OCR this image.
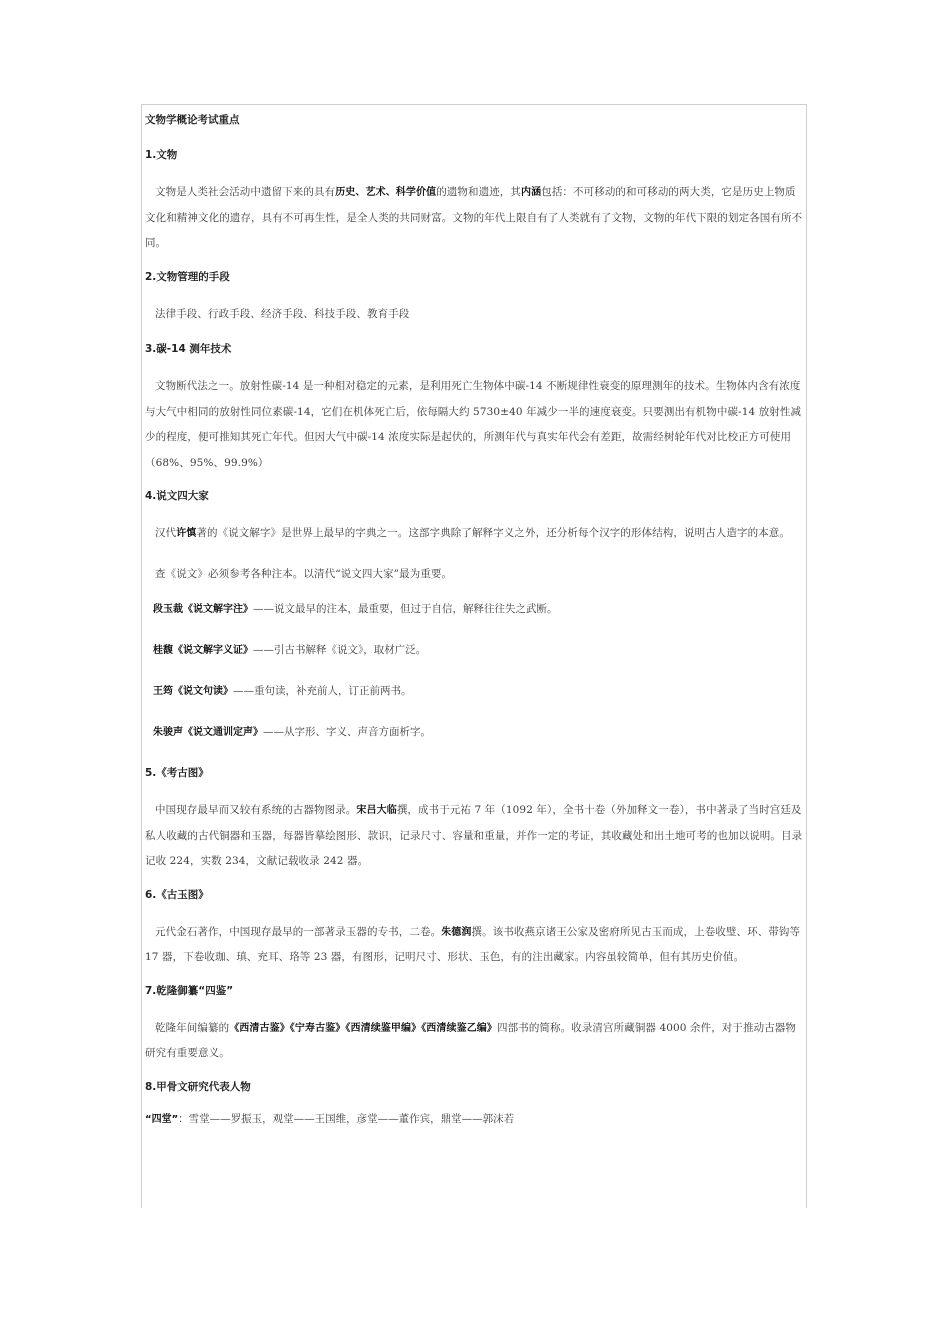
文物学概论考试重点
1.文物

文物是人类社会活动中遗留下来的具有历史、艺术、科学价值的遗物和遗迹，其内涵包括：不可移动的和可移动的两大类，它是历史上物质文化和精神文化的遗存，具有不可再生性，是全人类的共同财富。文物的年代上限自有了人类就有了文物，文物的年代下限的划定各国有所不同。

2.文物管理的手段

法律手段、行政手段、经济手段、科技手段、教育手段

3.碳-14 测年技术

文物断代法之一。放射性碳-14 是一种相对稳定的元素，是利用死亡生物体中碳-14 不断规律性衰变的原理测年的技术。生物体内含有浓度与大气中相同的放射性同位素碳-14，它们在机体死亡后，依每隔大约 5730±40 年减少一半的速度衰变。只要测出有机物中碳-14 放射性减少的程度，便可推知其死亡年代。但因大气中碳-14 浓度实际是起伏的，所测年代与真实年代会有差距，故需经树轮年代对比校正方可使用（68%、95%、99.9%）

4.说文四大家

汉代许慎著的《说文解字》是世界上最早的字典之一。这部字典除了解释字义之外，还分析每个汉字的形体结构，说明古人造字的本意。

查《说文》必须参考各种注本。以清代“说文四大家”最为重要。

段玉裁《说文解字注》——说文最早的注本，最重要，但过于自信，解释往往失之武断。
桂馥《说文解字义证》——引古书解释《说文》，取材广泛。
王筠《说文句读》——重句读，补充前人，订正前两书。
朱骏声《说文通训定声》——从字形、字义、声音方面析字。
5.《考古图》

中国现存最早而又较有系统的古器物图录。宋吕大临撰，成书于元祐 7 年（1092 年），全书十卷（外加释文一卷），书中著录了当时宫廷及私人收藏的古代铜器和玉器，每器皆摹绘图形、款识，记录尺寸、容量和重量，并作一定的考证，其收藏处和出土地可考的也加以说明。目录记收 224，实数 234，文献记载收录 242 器。

6.《古玉图》

元代金石著作，中国现存最早的一部著录玉器的专书，二卷。朱德润撰。该书收燕京诸王公家及密府所见古玉而成，上卷收璧、环、带钩等 17 器，下卷收珈、瑱、充耳、珞等 23 器，有图形，记明尺寸、形状、玉色，有的注出藏家。内容虽较简单，但有其历史价值。

7.乾隆御纂“四鉴”

乾隆年间编纂的《西清古鉴》《宁寿古鉴》《西清续鉴甲编》《西清续鉴乙编》四部书的简称。收录清宫所藏铜器 4000 余件，对于推动古器物研究有重要意义。

8.甲骨文研究代表人物

“四堂”：雪堂——罗振玉，观堂——王国维，彦堂——董作宾，鼎堂——郭沫若
